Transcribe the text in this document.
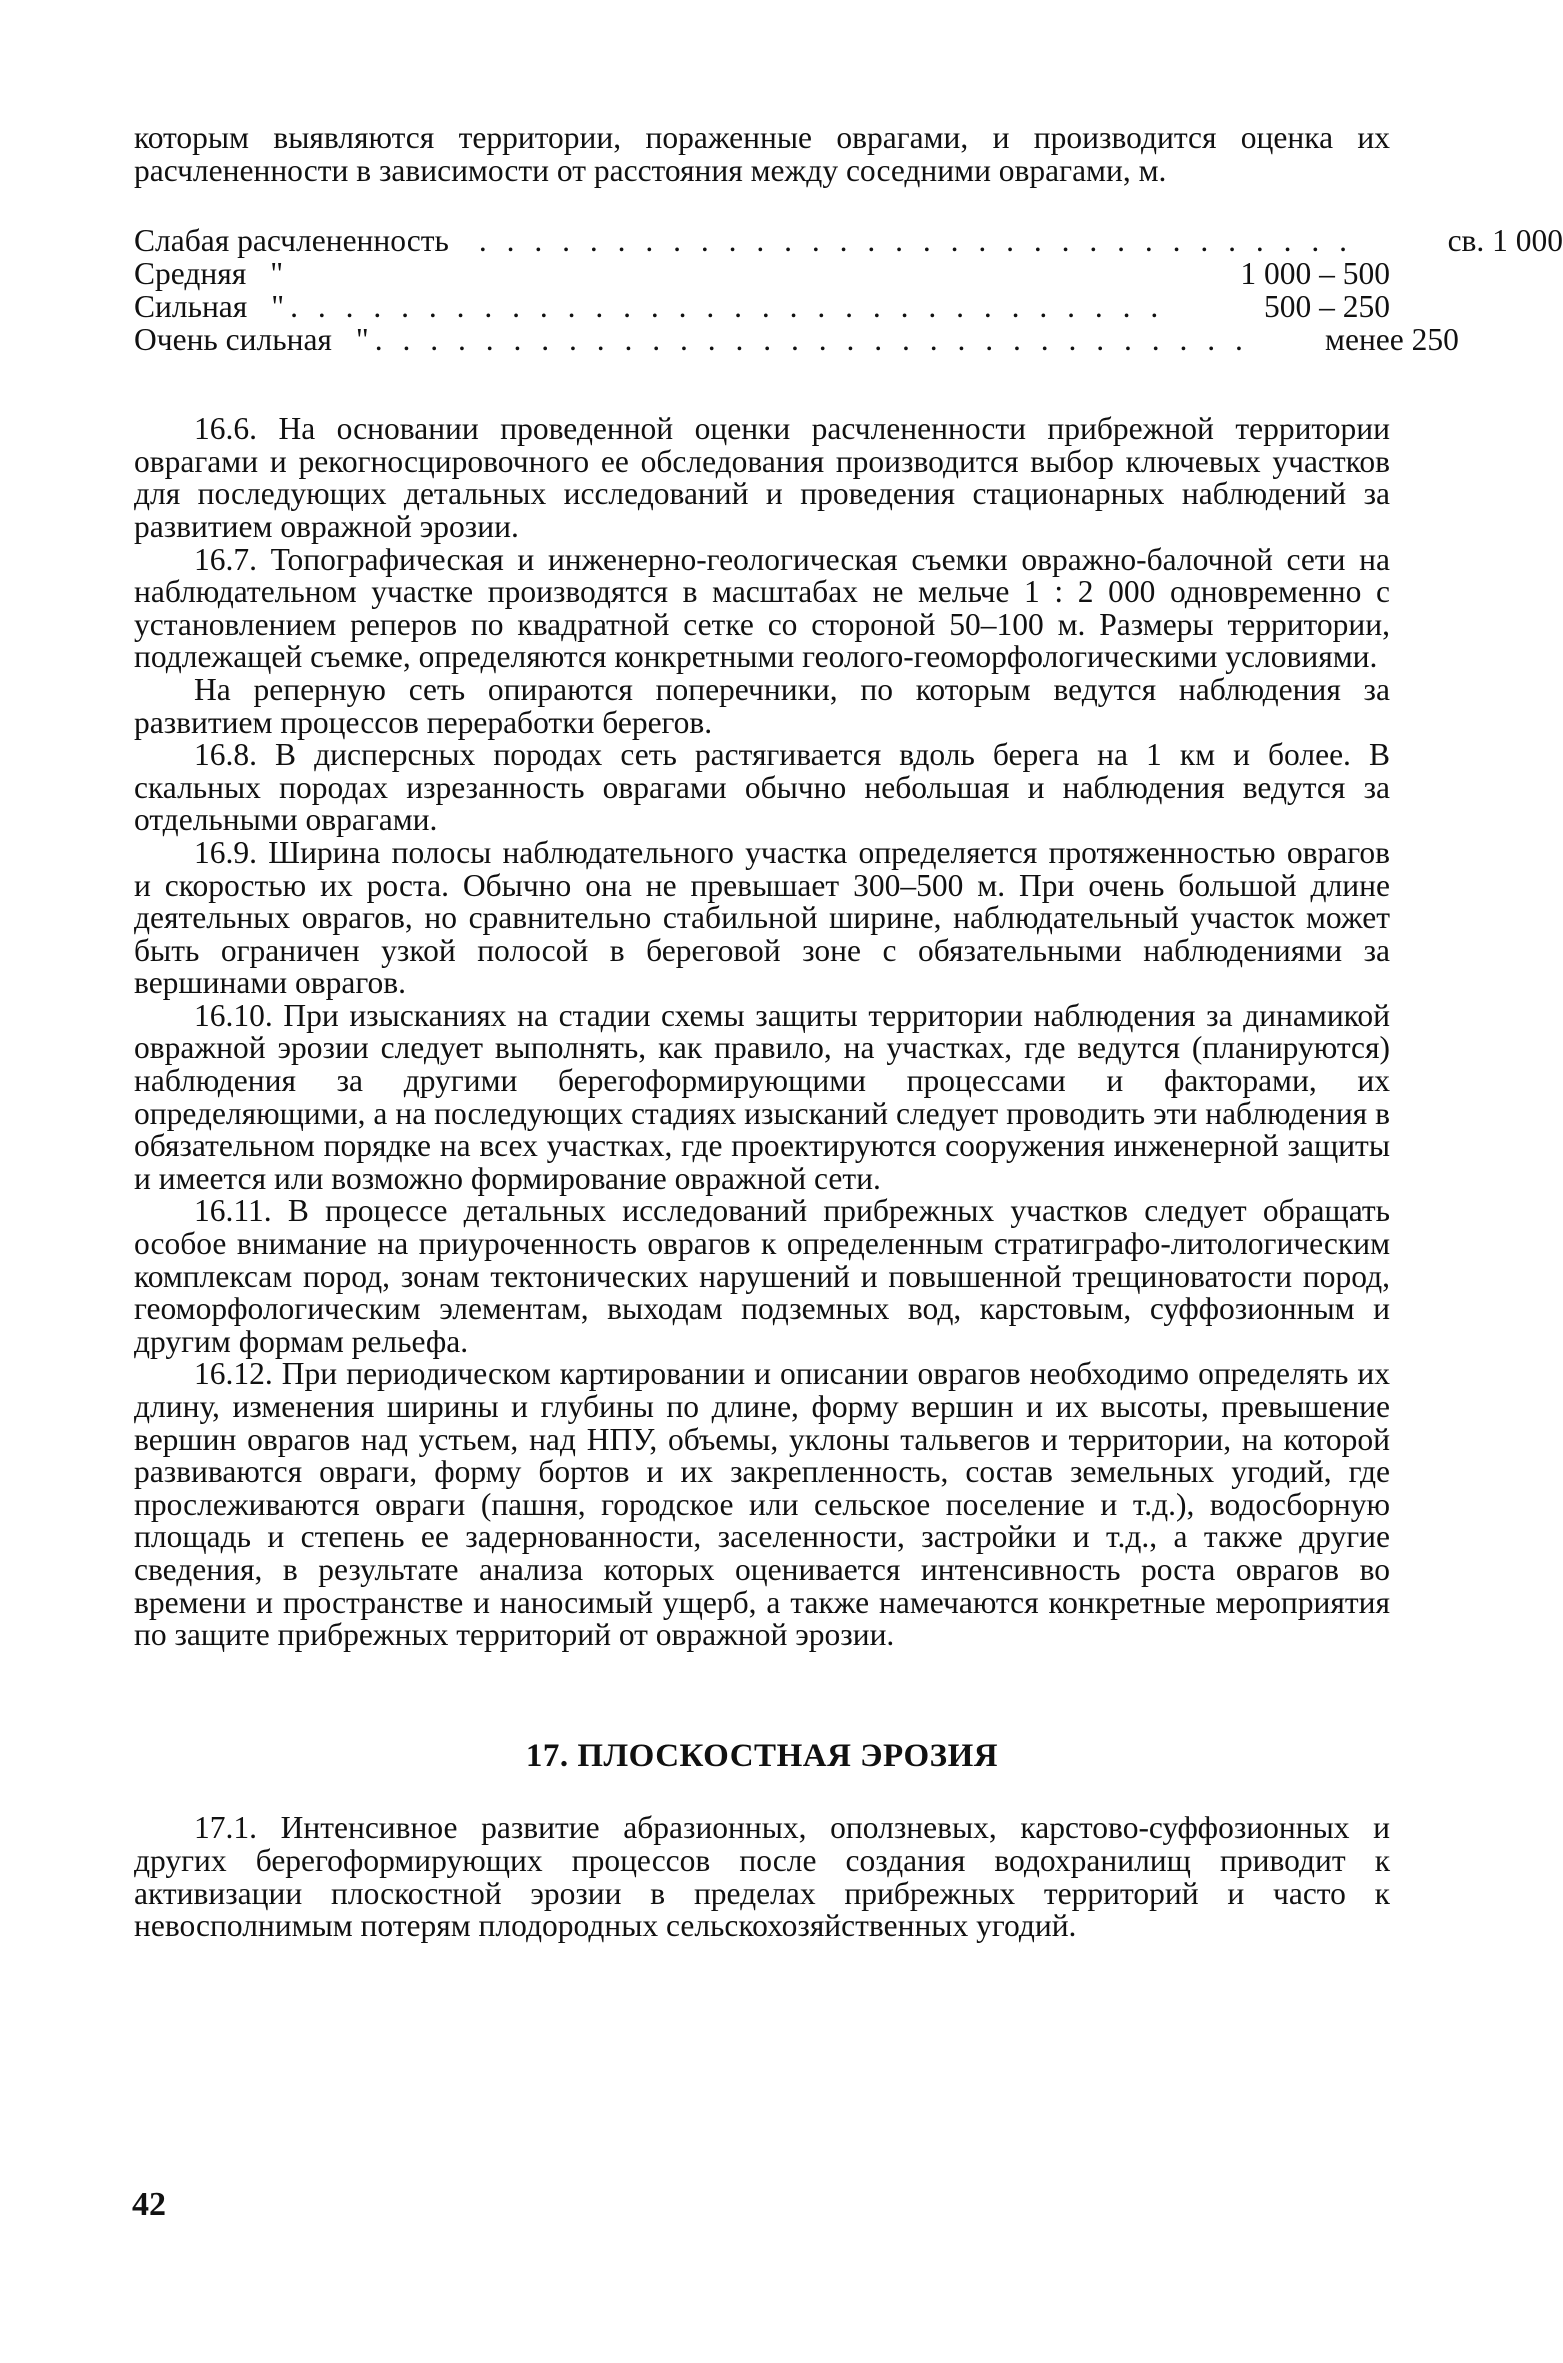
которым выявляются территории, пораженные оврагами, и производится оценка их расчлененности в зависимости от расстояния между соседними оврагами, м.

Слабая расчлененность . . . . . . . . . . . . . . . . . . . . . . . . . . . . . . . .	св. 1 000
Средняя "	1 000 – 500
Сильная " . . . . . . . . . . . . . . . . . . . . . . . . . . . . . . . .	500 – 250
Очень сильная " . . . . . . . . . . . . . . . . . . . . . . . . . . . . . . . .	менее 250

16.6. На основании проведенной оценки расчлененности прибрежной территории оврагами и рекогносцировочного ее обследования производится выбор ключевых участков для последующих детальных исследований и проведения стационарных наблюдений за развитием овражной эрозии.

16.7. Топографическая и инженерно-геологическая съемки овражно-балочной сети на наблюдательном участке производятся в масштабах не мельче 1 : 2 000 одновременно с установлением реперов по квадратной сетке со стороной 50–100 м. Размеры территории, подлежащей съемке, определяются конкретными геолого-геоморфологическими условиями.

На реперную сеть опираются поперечники, по которым ведутся наблюдения за развитием процессов переработки берегов.

16.8. В дисперсных породах сеть растягивается вдоль берега на 1 км и более. В скальных породах изрезанность оврагами обычно небольшая и наблюдения ведутся за отдельными оврагами.

16.9. Ширина полосы наблюдательного участка определяется протяженностью оврагов и скоростью их роста. Обычно она не превышает 300–500 м. При очень большой длине деятельных оврагов, но сравнительно стабильной ширине, наблюдательный участок может быть ограничен узкой полосой в береговой зоне с обязательными наблюдениями за вершинами оврагов.

16.10. При изысканиях на стадии схемы защиты территории наблюдения за динамикой овражной эрозии следует выполнять, как правило, на участках, где ведутся (планируются) наблюдения за другими берегоформирующими процессами и факторами, их определяющими, а на последующих стадиях изысканий следует проводить эти наблюдения в обязательном порядке на всех участках, где проектируются сооружения инженерной защиты и имеется или возможно формирование овражной сети.

16.11. В процессе детальных исследований прибрежных участков следует обращать особое внимание на приуроченность оврагов к определенным стратиграфо-литологическим комплексам пород, зонам тектонических нарушений и повышенной трещиноватости пород, геоморфологическим элементам, выходам подземных вод, карстовым, суффозионным и другим формам рельефа.

16.12. При периодическом картировании и описании оврагов необходимо определять их длину, изменения ширины и глубины по длине, форму вершин и их высоты, превышение вершин оврагов над устьем, над НПУ, объемы, уклоны тальвегов и территории, на которой развиваются овраги, форму бортов и их закрепленность, состав земельных угодий, где прослеживаются овраги (пашня, городское или сельское поселение и т.д.), водосборную площадь и степень ее задернованности, заселенности, застройки и т.д., а также другие сведения, в результате анализа которых оценивается интенсивность роста оврагов во времени и пространстве и наносимый ущерб, а также намечаются конкретные мероприятия по защите прибрежных территорий от овражной эрозии.

17. ПЛОСКОСТНАЯ ЭРОЗИЯ

17.1. Интенсивное развитие абразионных, оползневых, карстово-суффозионных и других берегоформирующих процессов после создания водохранилищ приводит к активизации плоскостной эрозии в пределах прибрежных территорий и часто к невосполнимым потерям плодородных сельскохозяйственных угодий.

42
